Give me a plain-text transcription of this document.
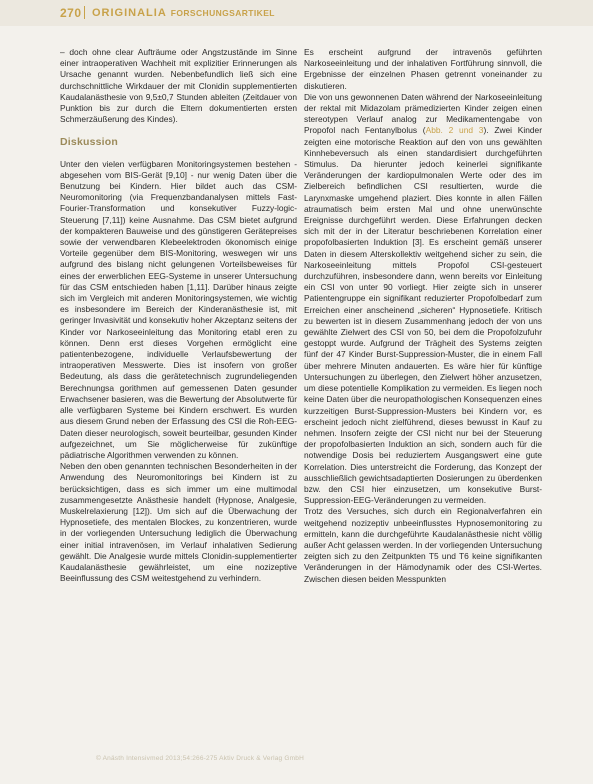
270 ORIGINALIA FORSCHUNGSARTIKEL

– doch ohne clear Aufträume oder Angstzustände im Sinne einer intraoperativen Wachheit mit explizitier Erinnerungen als Ursache genannt wurden. Nebenbefundlich ließ sich eine durchschnittliche Wirkdauer der mit Clonidin supplementierten Kaudalanästhesie von 9,5±0,7 Stunden ableiten (Zeitdauer von Punktion bis zur durch die Eltern dokumentierten ersten Schmerzäußerung des Kindes).

Diskussion

Unter den vielen verfügbaren Monitoringsystemen bestehen - abgesehen vom BIS-Gerät [9,10] - nur wenig Daten über die Benutzung bei Kindern. Hier bildet auch das CSM-Neuromonitoring (via Frequenzbandanalysen mittels Fast-Fourier-Transformation und konsekutiver Fuzzy-logic-Steuerung [7,11]) keine Ausnahme. Das CSM bietet aufgrund der kompakteren Bauweise und des günstigeren Gerätepreises sowie der verwendbaren Klebeelektroden ökonomisch einige Vorteile gegenüber dem BIS-Monitoring, weswegen wir uns aufgrund des bislang nicht gelungenen Vorteilsbeweises für eines der erwerblichen EEG-Systeme in unserer Untersuchung für das CSM entschieden haben [1,11]. Darüber hinaus zeigte sich im Vergleich mit anderen Monitoringsystemen, wie wichtig es insbesondere im Bereich der Kinderanästhesie ist, mit geringer Invasivität und konsekutiv hoher Akzeptanz seitens der Kinder vor Narkoseeinleitung das Monitoring etabl eren zu können. Denn erst dieses Vorgehen ermöglicht eine patientenbezogene, individuelle Verlaufsbewertung der intraoperativen Messwerte. Dies ist insofern von großer Bedeutung, als dass die gerätetechnisch zugrundeliegenden Berechnungsa gorithmen auf gemessenen Daten gesunder Erwachsener basieren, was die Bewertung der Absolutwerte für alle verfügbaren Systeme bei Kindern erschwert. Es wurden aus diesem Grund neben der Erfassung des CSI die Roh-EEG-Daten dieser neurologisch, soweit beurteilbar, gesunden Kinder aufgezeichnet, um Sie möglicherweise für zukünftige pädiatrische Algorithmen verwenden zu können.

Neben den oben genannten technischen Besonderheiten in der Anwendung des Neuromonitorings bei Kindern ist zu berücksichtigen, dass es sich immer um eine multimodal zusammengesetzte Anästhesie handelt (Hypnose, Analgesie, Muskelrelaxierung [12]). Um sich auf die Überwachung der Hypnosetiefe, des mentalen Blockes, zu konzentrieren, wurde in der vorliegenden Untersuchung lediglich die Überwachung einer initial intravenösen, im Verlauf inhalativen Sedierung gewählt. Die Analgesie wurde mittels Clonidin-supplementierter Kaudalanästhesie gewährleistet, um eine nozizeptive Beeinflussung des CSM weitestgehend zu verhindern.

Es erscheint aufgrund der intravenös geführten Narkoseeinleitung und der inhalativen Fortführung sinnvoll, die Ergebnisse der einzelnen Phasen getrennt voneinander zu diskutieren.

Die von uns gewonnenen Daten während der Narkoseeinleitung der rektal mit Midazolam prämedizierten Kinder zeigen einen stereotypen Verlauf analog zur Medikamentengabe von Propofol nach Fentanylbolus (Abb. 2 und 3). Zwei Kinder zeigten eine motorische Reaktion auf den von uns gewählten Kinnhebeversuch als einen standardisiert durchgeführten Stimulus. Da hierunter jedoch keinerlei signifikante Veränderungen der kardiopulmonalen Werte oder des im Zielbereich befindlichen CSI resultierten, wurde die Larynxmaske umgehend plaziert. Dies konnte in allen Fällen atraumatisch beim ersten Mal und ohne unerwünschte Ereignisse durchgeführt werden. Diese Erfahrungen decken sich mit der in der Literatur beschriebenen Korrelation einer propofolbasierten Induktion [3]. Es erscheint gemäß unserer Daten in diesem Alterskollektiv weitgehend sicher zu sein, die Narkoseeinleitung mittels Propofol CSI-gesteuert durchzuführen, insbesondere dann, wenn bereits vor Einleitung ein CSI von unter 90 vorliegt. Hier zeigte sich in unserer Patientengruppe ein signifikant reduzierter Propofolbedarf zum Erreichen einer anscheinend „sicheren“ Hypnosetiefe. Kritisch zu bewerten ist in diesem Zusammenhang jedoch der von uns gewählte Zielwert des CSI von 50, bei dem die Propofolzufuhr gestoppt wurde. Aufgrund der Trägheit des Systems zeigten fünf der 47 Kinder Burst-Suppression-Muster, die in einem Fall über mehrere Minuten andauerten. Es wäre hier für künftige Untersuchungen zu überlegen, den Zielwert höher anzusetzen, um diese potentielle Komplikation zu vermeiden. Es liegen noch keine Daten über die neuropathologischen Konsequenzen eines kurzzeitigen Burst-Suppression-Musters bei Kindern vor, es erscheint jedoch nicht zielführend, dieses bewusst in Kauf zu nehmen. Insofern zeigte der CSI nicht nur bei der Steuerung der propofolbasierten Induktion an sich, sondern auch für die notwendige Dosis bei reduziertem Ausgangswert eine gute Korrelation. Dies unterstreicht die Forderung, das Konzept der ausschließlich gewichtsadaptierten Dosierungen zu überdenken bzw. den CSI hier einzusetzen, um konsekutive Burst-Suppression-EEG-Veränderungen zu vermeiden.

Trotz des Versuches, sich durch ein Regionalverfahren ein weitgehend nozizeptiv unbeeinflusstes Hypnosemonitoring zu ermitteln, kann die durchgeführte Kaudalanästhesie nicht völlig außer Acht gelassen werden. In der vorliegenden Untersuchung zeigten sich zu den Zeitpunkten T5 und T6 keine signifikanten Veränderungen in der Hämodynamik oder des CSI-Wertes. Zwischen diesen beiden Messpunkten

© Anästh Intensivmed 2013;54:266-275 Aktiv Druck & Verlag GmbH
